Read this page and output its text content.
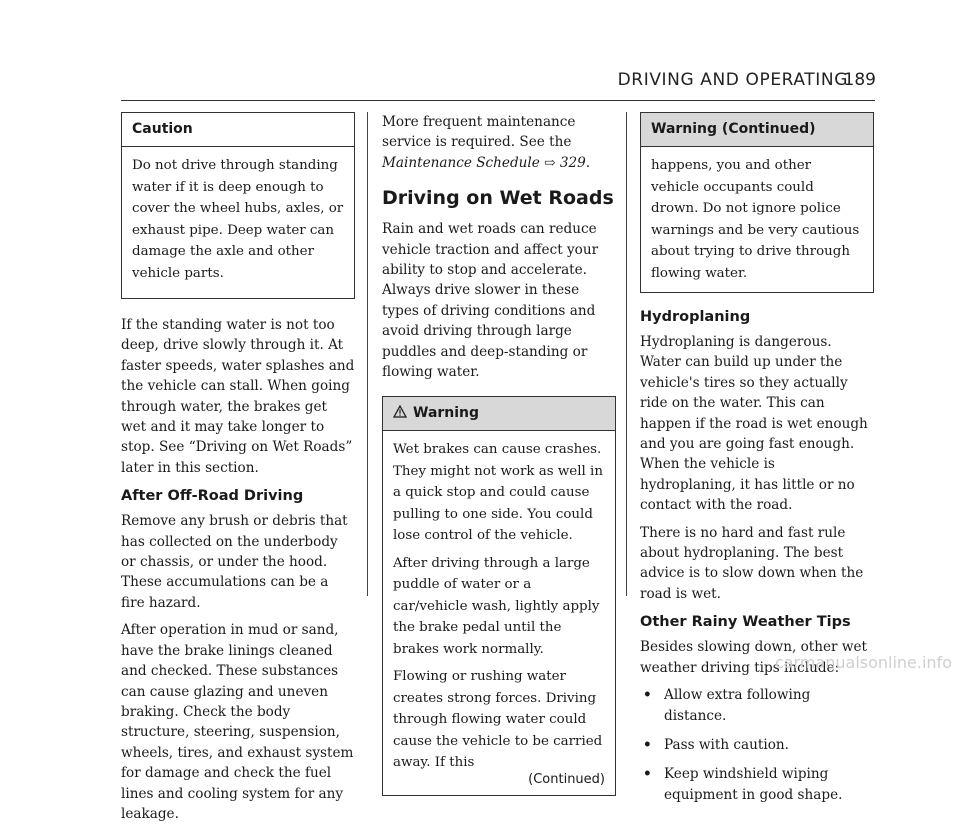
DRIVING AND OPERATING
189
Caution

Do not drive through standing water if it is deep enough to cover the wheel hubs, axles, or exhaust pipe. Deep water can damage the axle and other vehicle parts.

If the standing water is not too deep, drive slowly through it. At faster speeds, water splashes and the vehicle can stall. When going through water, the brakes get wet and it may take longer to stop. See “Driving on Wet Roads” later in this section.

After Off-Road Driving

Remove any brush or debris that has collected on the underbody or chassis, or under the hood. These accumulations can be a fire hazard.

After operation in mud or sand, have the brake linings cleaned and checked. These substances can cause glazing and uneven braking. Check the body structure, steering, suspension, wheels, tires, and exhaust system for damage and check the fuel lines and cooling system for any leakage.

More frequent maintenance service is required. See the Maintenance Schedule ⇨ 329.

Driving on Wet Roads

Rain and wet roads can reduce vehicle traction and affect your ability to stop and accelerate. Always drive slower in these types of driving conditions and avoid driving through large puddles and deep-standing or flowing water.

Warning

Wet brakes can cause crashes. They might not work as well in a quick stop and could cause pulling to one side. You could lose control of the vehicle.

After driving through a large puddle of water or a car/vehicle wash, lightly apply the brake pedal until the brakes work normally.

Flowing or rushing water creates strong forces. Driving through flowing water could cause the vehicle to be carried away. If this

(Continued)
Warning (Continued)

happens, you and other vehicle occupants could drown. Do not ignore police warnings and be very cautious about trying to drive through flowing water.

Hydroplaning

Hydroplaning is dangerous. Water can build up under the vehicle's tires so they actually ride on the water. This can happen if the road is wet enough and you are going fast enough. When the vehicle is hydroplaning, it has little or no contact with the road.

There is no hard and fast rule about hydroplaning. The best advice is to slow down when the road is wet.

Other Rainy Weather Tips

Besides slowing down, other wet weather driving tips include:

• Allow extra following distance.
• Pass with caution.
• Keep windshield wiping equipment in good shape.
carmanualsonline.info
